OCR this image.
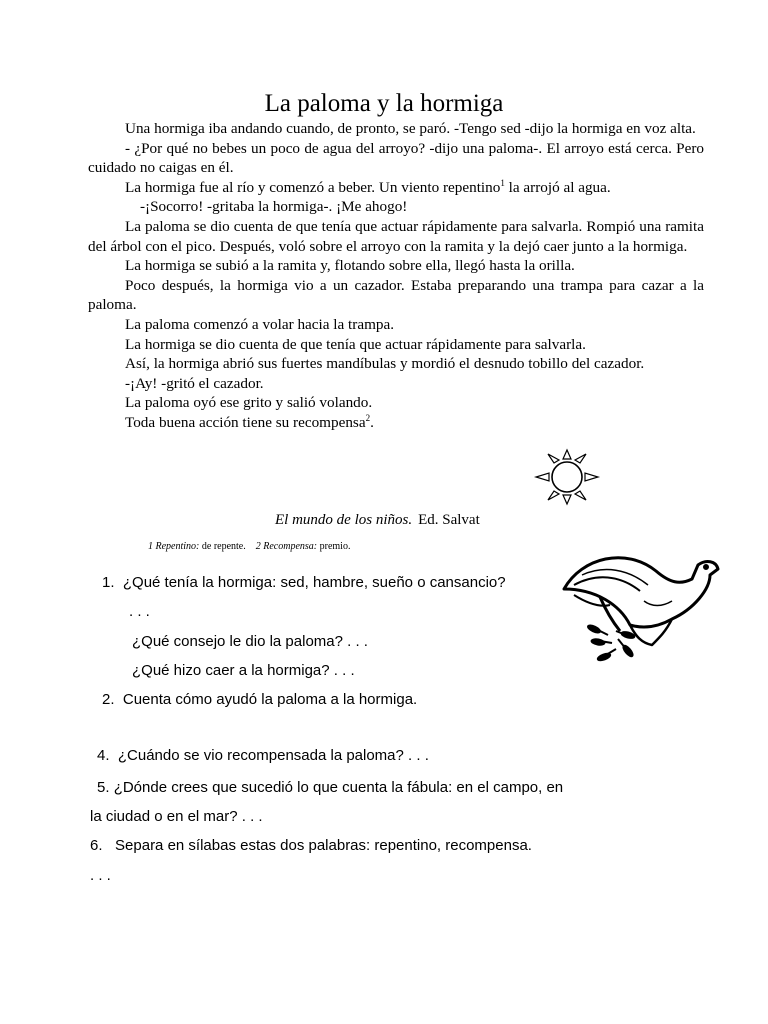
La paloma y la hormiga

Una hormiga iba andando cuando, de pronto, se paró. -Tengo sed -dijo la hormiga en voz alta.

- ¿Por qué no bebes un poco de agua del arroyo? -dijo una paloma-. El arroyo está cerca. Pero cuidado no caigas en él.

La hormiga fue al río y comenzó a beber. Un viento repentino$^1$ la arrojó al agua.

-¡Socorro! -gritaba la hormiga-. ¡Me ahogo!

La paloma se dio cuenta de que tenía que actuar rápidamente para salvarla. Rompió una ramita del árbol con el pico. Después, voló sobre el arroyo con la ramita y la dejó caer junto a la hormiga.

La hormiga se subió a la ramita y, flotando sobre ella, llegó hasta la orilla.

Poco después, la hormiga vio a un cazador. Estaba preparando una trampa para cazar a la paloma.

La paloma comenzó a volar hacia la trampa.

La hormiga se dio cuenta de que tenía que actuar rápidamente para salvarla.

Así, la hormiga abrió sus fuertes mandíbulas y mordió el desnudo tobillo del cazador.

-¡Ay! -gritó el cazador.

La paloma oyó ese grito y salió volando.

Toda buena acción tiene su recompensa$^2$.

El mundo de los niños. Ed. Salvat
1 Repentino: de repente. 2 Recompensa: premio.
1. ¿Qué tenía la hormiga: sed, hambre, sueño o cansancio?
. . .
¿Qué consejo le dio la paloma? . . .
¿Qué hizo caer a la hormiga? . . .
2. Cuenta cómo ayudó la paloma a la hormiga.
4. ¿Cuándo se vio recompensada la paloma? . . .
5. ¿Dónde crees que sucedió lo que cuenta la fábula: en el campo, en
la ciudad o en el mar? . . .
6. Separa en sílabas estas dos palabras: repentino, recompensa.
. . .
